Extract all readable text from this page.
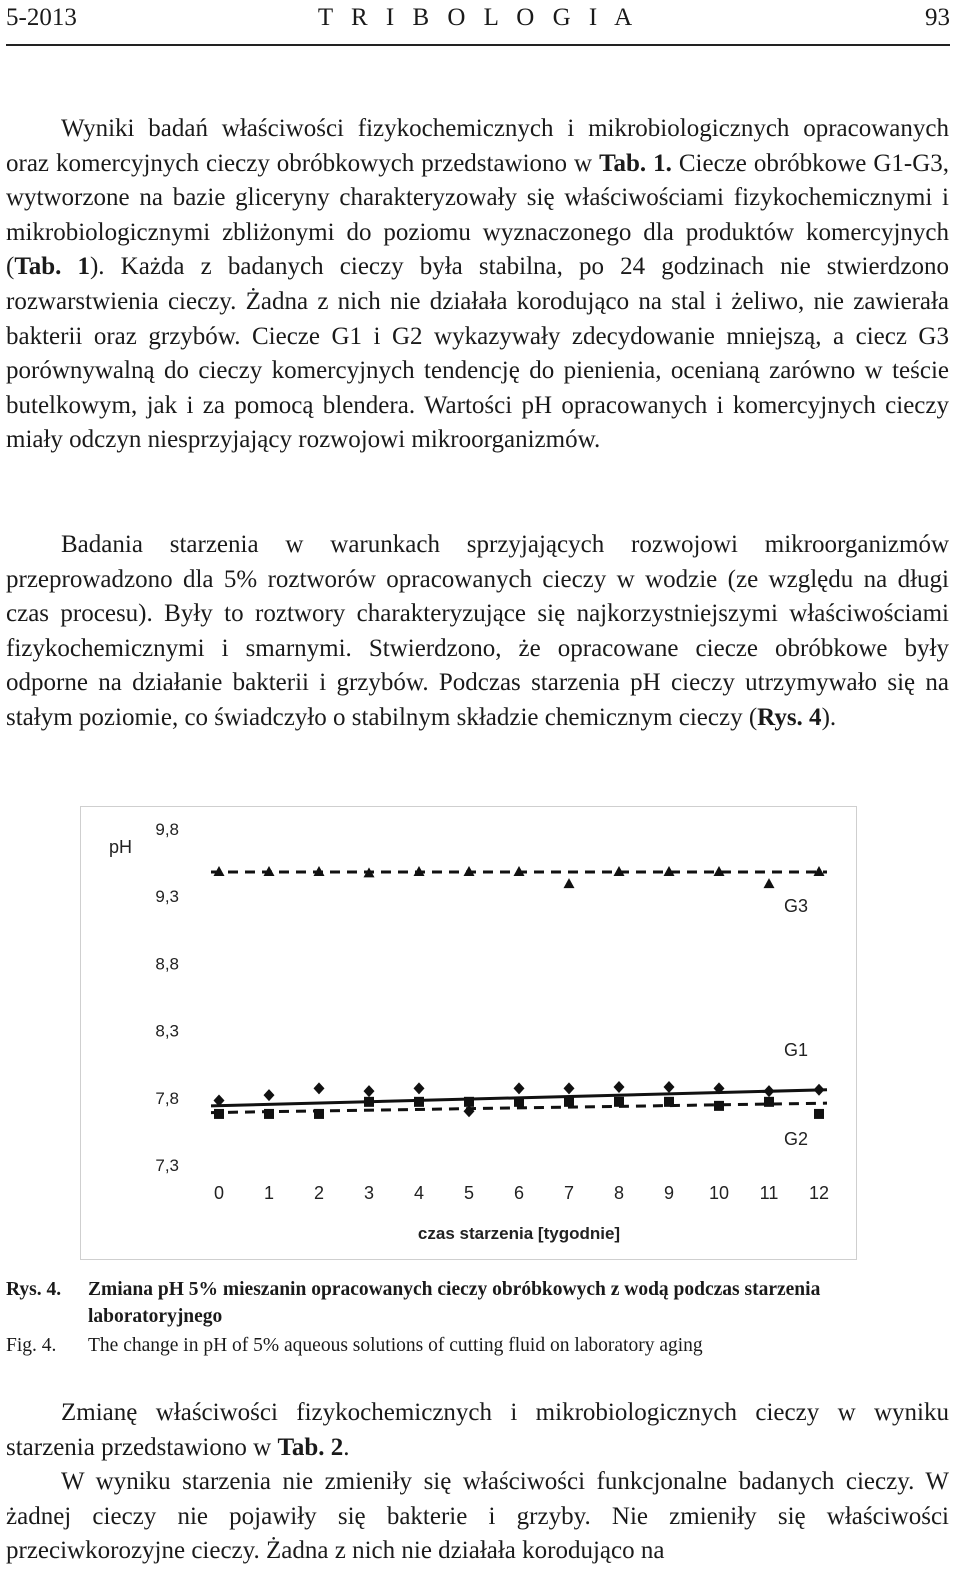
5-2013	T R I B O L O G I A	93

Wyniki badań właściwości fizykochemicznych i mikrobiologicznych opracowanych oraz komercyjnych cieczy obróbkowych przedstawiono w Tab. 1. Ciecze obróbkowe G1-G3, wytworzone na bazie gliceryny charakteryzowały się właściwościami fizykochemicznymi i mikrobiologicznymi zbliżonymi do poziomu wyznaczonego dla produktów komercyjnych (Tab. 1). Każda z badanych cieczy była stabilna, po 24 godzinach nie stwierdzono rozwarstwienia cieczy. Żadna z nich nie działała korodująco na stal i żeliwo, nie zawierała bakterii oraz grzybów. Ciecze G1 i G2 wykazywały zdecydowanie mniejszą, a ciecz G3 porównywalną do cieczy komercyjnych tendencję do pienienia, ocenianą zarówno w teście butelkowym, jak i za pomocą blendera. Wartości pH opracowanych i komercyjnych cieczy miały odczyn niesprzyjający rozwojowi mikroorganizmów.

Badania starzenia w warunkach sprzyjających rozwojowi mikroorganizmów przeprowadzono dla 5% roztworów opracowanych cieczy w wodzie (ze względu na długi czas procesu). Były to roztwory charakteryzujące się najkorzystniejszymi właściwościami fizykochemicznymi i smarnymi. Stwierdzono, że opracowane ciecze obróbkowe były odporne na działanie bakterii i grzybów. Podczas starzenia pH cieczy utrzymywało się na stałym poziomie, co świadczyło o stabilnym składzie chemicznym cieczy (Rys. 4).

9,8
9,3
8,8
8,3
7,8
7,3
pH
0 1 2 3 4 5 6 7 8 9 10 11 12
czas starzenia [tygodnie]
G3
G1
G2
Rys. 4. Zmiana pH 5% mieszanin opracowanych cieczy obróbkowych z wodą podczas starzenia laboratoryjnego
Fig. 4. The change in pH of 5% aqueous solutions of cutting fluid on laboratory aging

Zmianę właściwości fizykochemicznych i mikrobiologicznych cieczy w wyniku starzenia przedstawiono w Tab. 2.

W wyniku starzenia nie zmieniły się właściwości funkcjonalne badanych cieczy. W żadnej cieczy nie pojawiły się bakterie i grzyby. Nie zmieniły się właściwości przeciwkorozyjne cieczy. Żadna z nich nie działała korodująco na
